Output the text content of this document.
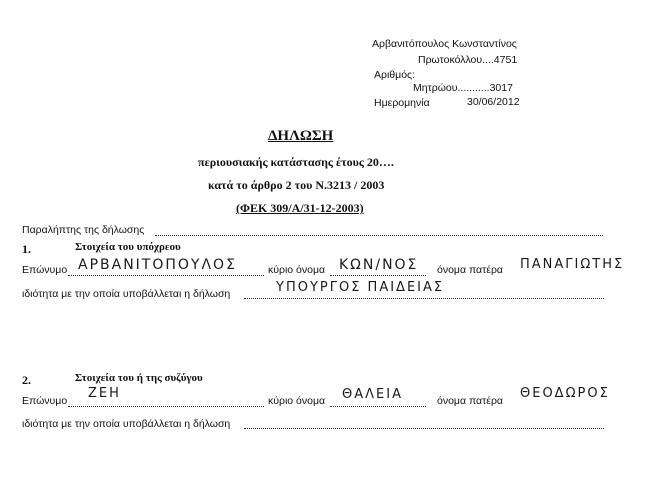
Αρβανιτόπουλος Κωνσταντίνος
Πρωτοκόλλου....4751
Αριθμός:
Μητρώου...........3017
Ημερομηνία	30/06/2012
ΔΗΛΩΣΗ
περιουσιακής κατάστασης έτους 20….
κατά το άρθρο 2 του Ν.3213 / 2003
(ΦΕΚ 309/Α/31-12-2003)
Παραλήπτης της δήλωσης
1.	Στοιχεία του υπόχρεου
Επώνυμο ΑΡΒΑΝΙΤΟΠΟΥΛΟΣ	κύριο όνομα ΚΩΝ/ΝΟΣ όνομα πατέρα ΠΑΝΑΓΙΩΤΗΣ
ιδιότητα με την οποία υποβάλλεται η δήλωση	ΥΠΟΥΡΓΟΣ ΠΑΙΔΕΙΑΣ
2.	Στοιχεία του ή της συζύγου
Επώνυμο ΖΕΗ	κύριο όνομα ΘΑΛΕΙΑ	όνομα πατέρα ΘΕΟΔΩΡΟΣ
ιδιότητα με την οποία υποβάλλεται η δήλωση
